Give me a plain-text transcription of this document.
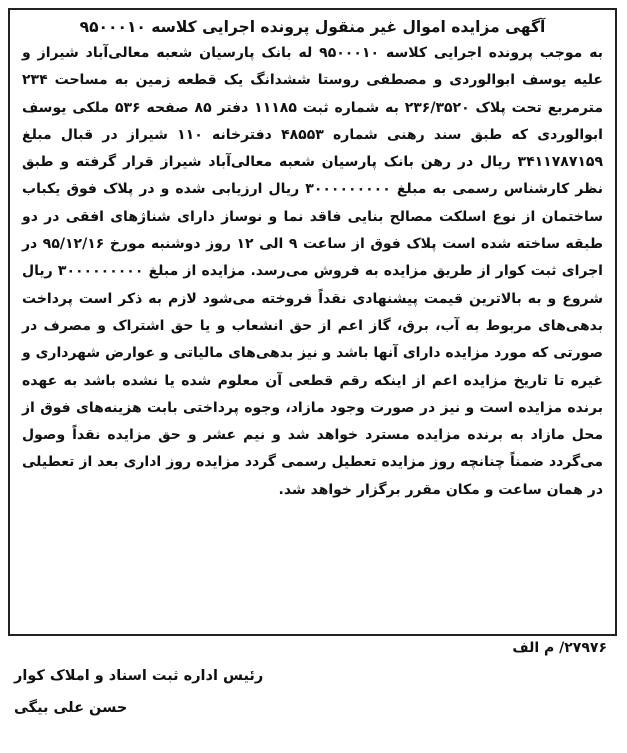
آگهی مزایده اموال غیر منقول پرونده اجرایی کلاسه ۹۵۰۰۰۱۰

به موجب پرونده اجرایی کلاسه ۹۵۰۰۰۱۰ له بانک پارسیان شعبه معالی‌آباد شیراز و علیه یوسف ابوالوردی و مصطفی روستا ششدانگ یک قطعه زمین به مساحت ۲۳۴ مترمربع تحت پلاک ۲۳۶/۳۵۲۰ به شماره ثبت ۱۱۱۸۵ دفتر ۸۵ صفحه ۵۳۶ ملکی یوسف ابوالوردی که طبق سند رهنی شماره ۴۸۵۵۳ دفترخانه ۱۱۰ شیراز در قبال مبلغ ۳۴۱۱۷۸۷۱۵۹ ریال در رهن بانک پارسیان شعبه معالی‌آباد شیراز قرار گرفته و طبق نظر کارشناس رسمی به مبلغ ۳۰۰۰۰۰۰۰۰۰ ریال ارزیابی شده و در پلاک فوق یکباب ساختمان از نوع اسلکت مصالح بنایی فاقد نما و نوساز دارای شناژهای افقی در دو طبقه ساخته شده است پلاک فوق از ساعت ۹ الی ۱۲ روز دوشنبه مورخ ۹۵/۱۲/۱۶ در اجرای ثبت کوار از طریق مزایده به فروش می‌رسد. مزایده از مبلغ ۳۰۰۰۰۰۰۰۰۰ ریال شروع و به بالاترین قیمت پیشنهادی نقداً فروخته می‌شود لازم به ذکر است پرداخت بدهی‌های مربوط به آب، برق، گاز اعم از حق انشعاب و یا حق اشتراک و مصرف در صورتی که مورد مزایده دارای آنها باشد و نیز بدهی‌های مالیاتی و عوارض شهرداری و غیره تا تاریخ مزایده اعم از اینکه رقم قطعی آن معلوم شده یا نشده باشد به عهده برنده مزایده است و نیز در صورت وجود مازاد، وجوه پرداختی بابت هزینه‌های فوق از محل مازاد به برنده مزایده مسترد خواهد شد و نیم عشر و حق مزایده نقداً وصول می‌گردد ضمناً چنانچه روز مزایده تعطیل رسمی گردد مزایده روز اداری بعد از تعطیلی در همان ساعت و مکان مقرر برگزار خواهد شد.

۲۷۹۷۶/ م الف
رئیس اداره ثبت اسناد و املاک کوار
حسن علی بیگی
